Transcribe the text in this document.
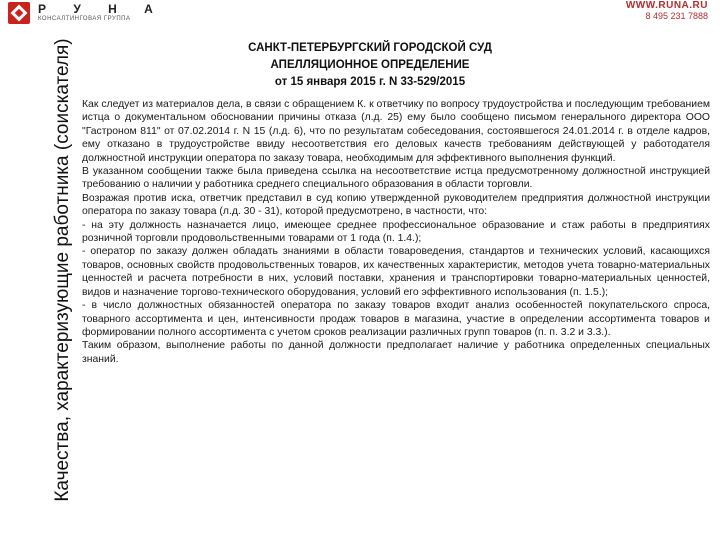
Р У Н А
КОНСАЛТИНГОВАЯ ГРУППА
WWW.RUNA.RU
8 495 231 7888
Качества, характеризующие работника (соискателя)	САНКТ-ПЕТЕРБУРГСКИЙ ГОРОДСКОЙ СУД
АПЕЛЛЯЦИОННОЕ ОПРЕДЕЛЕНИЕ
от 15 января 2015 г. N 33-529/2015

Как следует из материалов дела, в связи с обращением К. к ответчику по вопросу трудоустройства и последующим требованием истца о документальном обосновании причины отказа (л.д. 25) ему было сообщено письмом генерального директора ООО "Гастроном 811" от 07.02.2014 г. N 15 (л.д. 6), что по результатам собеседования, состоявшегося 24.01.2014 г. в отделе кадров, ему отказано в трудоустройстве ввиду несоответствия его деловых качеств требованиям действующей у работодателя должностной инструкции оператора по заказу товара, необходимым для эффективного выполнения функций.

В указанном сообщении также была приведена ссылка на несоответствие истца предусмотренному должностной инструкцией требованию о наличии у работника среднего специального образования в области торговли.

Возражая против иска, ответчик представил в суд копию утвержденной руководителем предприятия должностной инструкции оператора по заказу товара (л.д. 30 - 31), которой предусмотрено, в частности, что:

- на эту должность назначается лицо, имеющее среднее профессиональное образование и стаж работы в предприятиях розничной торговли продовольственными товарами от 1 года (п. 1.4.);

- оператор по заказу должен обладать знаниями в области товароведения, стандартов и технических условий, касающихся товаров, основных свойств продовольственных товаров, их качественных характеристик, методов учета товарно-материальных ценностей и расчета потребности в них, условий поставки, хранения и транспортировки товарно-материальных ценностей, видов и назначение торгово-технического оборудования, условий его эффективного использования (п. 1.5.);

- в число должностных обязанностей оператора по заказу товаров входит анализ особенностей покупательского спроса, товарного ассортимента и цен, интенсивности продаж товаров в магазина, участие в определении ассортимента товаров и формировании полного ассортимента с учетом сроков реализации различных групп товаров (п. п. 3.2 и 3.3.).

Таким образом, выполнение работы по данной должности предполагает наличие у работника определенных специальных знаний.
